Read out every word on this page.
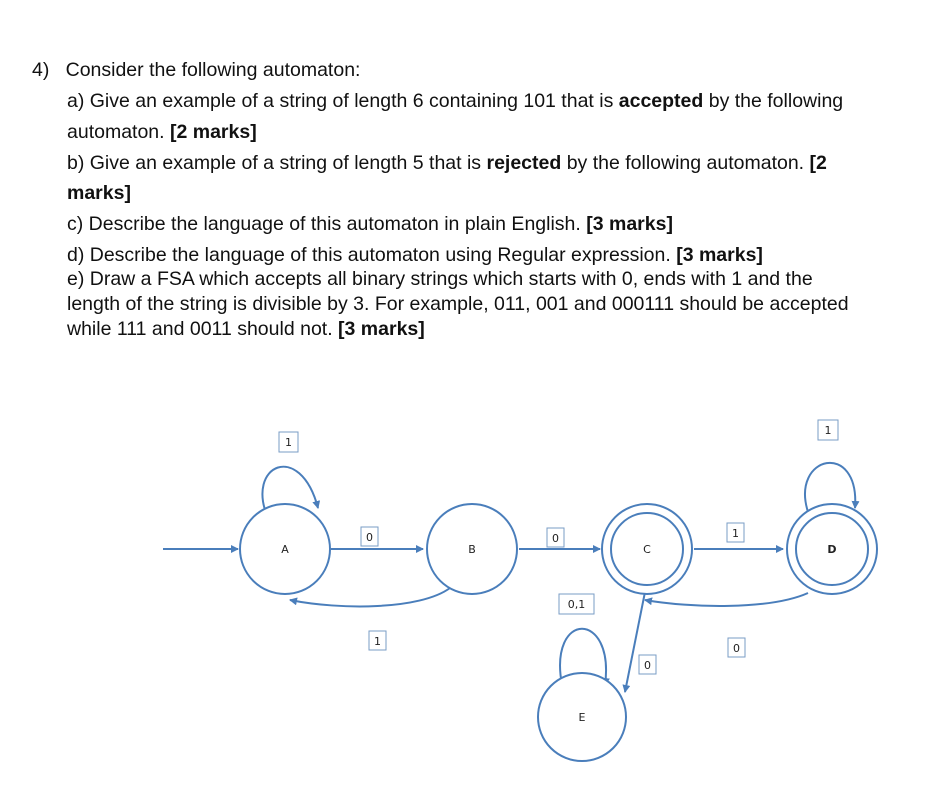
4) Consider the following automaton:
a) Give an example of a string of length 6 containing 101 that is accepted by the following
automaton. [2 marks]
b) Give an example of a string of length 5 that is rejected by the following automaton. [2
marks]
c) Describe the language of this automaton in plain English. [3 marks]
d) Describe the language of this automaton using Regular expression. [3 marks]
e) Draw a FSA which accepts all binary strings which starts with 0, ends with 1 and the
length of the string is divisible by 3. For example, 011, 001 and 000111 should be accepted
while 111 and 0011 should not. [3 marks]
A	B	C	D
E
1
0
1
0	1
1
0
0,1
0
